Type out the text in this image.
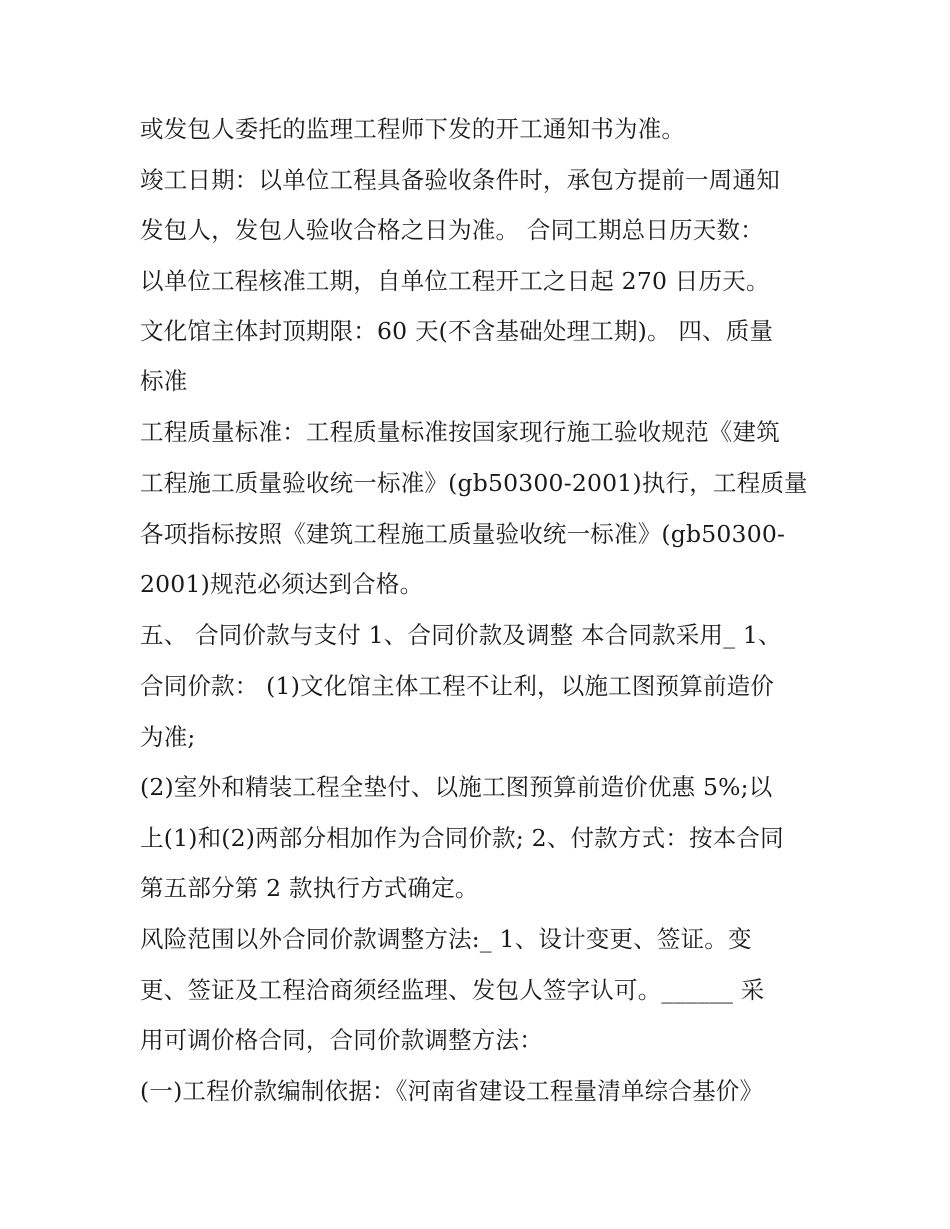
或发包人委托的监理工程师下发的开工通知书为准。
竣工日期：以单位工程具备验收条件时，承包方提前一周通知
发包人，发包人验收合格之日为准。 合同工期总日历天数：
以单位工程核准工期，自单位工程开工之日起 270 日历天。
文化馆主体封顶期限：60 天(不含基础处理工期)。 四、质量
标准
工程质量标准：工程质量标准按国家现行施工验收规范《建筑
工程施工质量验收统一标准》(gb50300-2001)执行，工程质量
各项指标按照《建筑工程施工质量验收统一标准》(gb50300-
2001)规范必须达到合格。
五、 合同价款与支付 1、合同价款及调整 本合同款采用_ 1、
合同价款： (1)文化馆主体工程不让利，以施工图预算前造价
为准;
(2)室外和精装工程全垫付、以施工图预算前造价优惠 5%;以
上(1)和(2)两部分相加作为合同价款; 2、付款方式：按本合同
第五部分第 2 款执行方式确定。
风险范围以外合同价款调整方法:_ 1、设计变更、签证。变
更、签证及工程洽商须经监理、发包人签字认可。______ 采
用可调价格合同，合同价款调整方法：
(一)工程价款编制依据：《河南省建设工程量清单综合基价》
